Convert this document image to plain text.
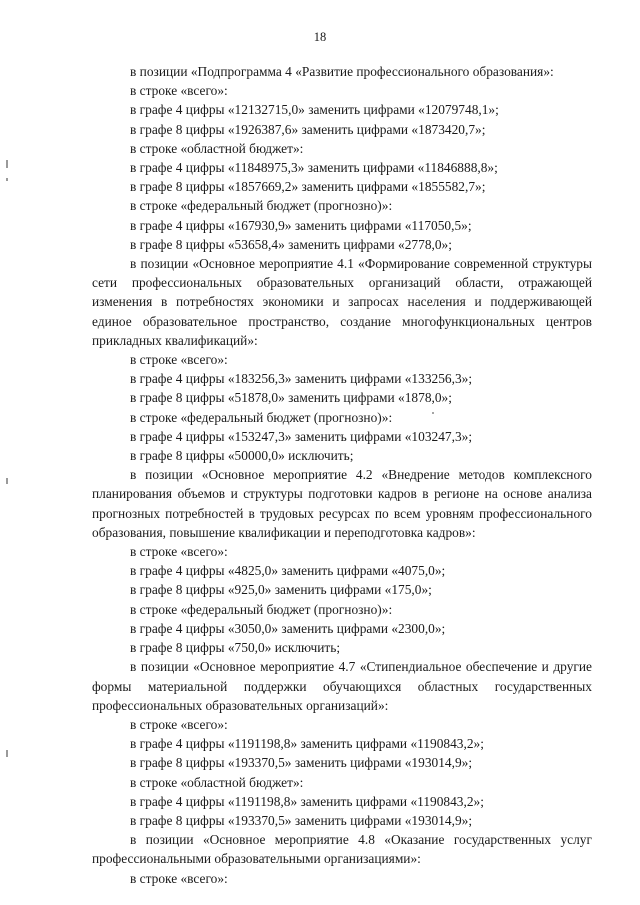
18

в позиции «Подпрограмма 4 «Развитие профессионального образования»:

в строке «всего»:

в графе 4 цифры «12132715,0» заменить цифрами «12079748,1»;

в графе 8 цифры «1926387,6» заменить цифрами «1873420,7»;

в строке «областной бюджет»:

в графе 4 цифры «11848975,3» заменить цифрами «11846888,8»;

в графе 8 цифры «1857669,2» заменить цифрами «1855582,7»;

в строке «федеральный бюджет (прогнозно)»:

в графе 4 цифры «167930,9» заменить цифрами «117050,5»;

в графе 8 цифры «53658,4» заменить цифрами «2778,0»;

в позиции «Основное мероприятие 4.1 «Формирование современной структуры сети профессиональных образовательных организаций области, отражающей изменения в потребностях экономики и запросах населения и поддерживающей единое образовательное пространство, создание многофункциональных центров прикладных квалификаций»:

в строке «всего»:

в графе 4 цифры «183256,3» заменить цифрами «133256,3»;

в графе 8 цифры «51878,0» заменить цифрами «1878,0»;

в строке «федеральный бюджет (прогнозно)»:

в графе 4 цифры «153247,3» заменить цифрами «103247,3»;

в графе 8 цифры «50000,0» исключить;

в позиции «Основное мероприятие 4.2 «Внедрение методов комплексного планирования объемов и структуры подготовки кадров в регионе на основе анализа прогнозных потребностей в трудовых ресурсах по всем уровням профессионального образования, повышение квалификации и переподготовка кадров»:

в строке «всего»:

в графе 4 цифры «4825,0» заменить цифрами «4075,0»;

в графе 8 цифры «925,0» заменить цифрами «175,0»;

в строке «федеральный бюджет (прогнозно)»:

в графе 4 цифры «3050,0» заменить цифрами «2300,0»;

в графе 8 цифры «750,0» исключить;

в позиции «Основное мероприятие 4.7 «Стипендиальное обеспечение и другие формы материальной поддержки обучающихся областных государственных профессиональных образовательных организаций»:

в строке «всего»:

в графе 4 цифры «1191198,8» заменить цифрами «1190843,2»;

в графе 8 цифры «193370,5» заменить цифрами «193014,9»;

в строке «областной бюджет»:

в графе 4 цифры «1191198,8» заменить цифрами «1190843,2»;

в графе 8 цифры «193370,5» заменить цифрами «193014,9»;

в позиции «Основное мероприятие 4.8 «Оказание государственных услуг профессиональными образовательными организациями»:

в строке «всего»:
